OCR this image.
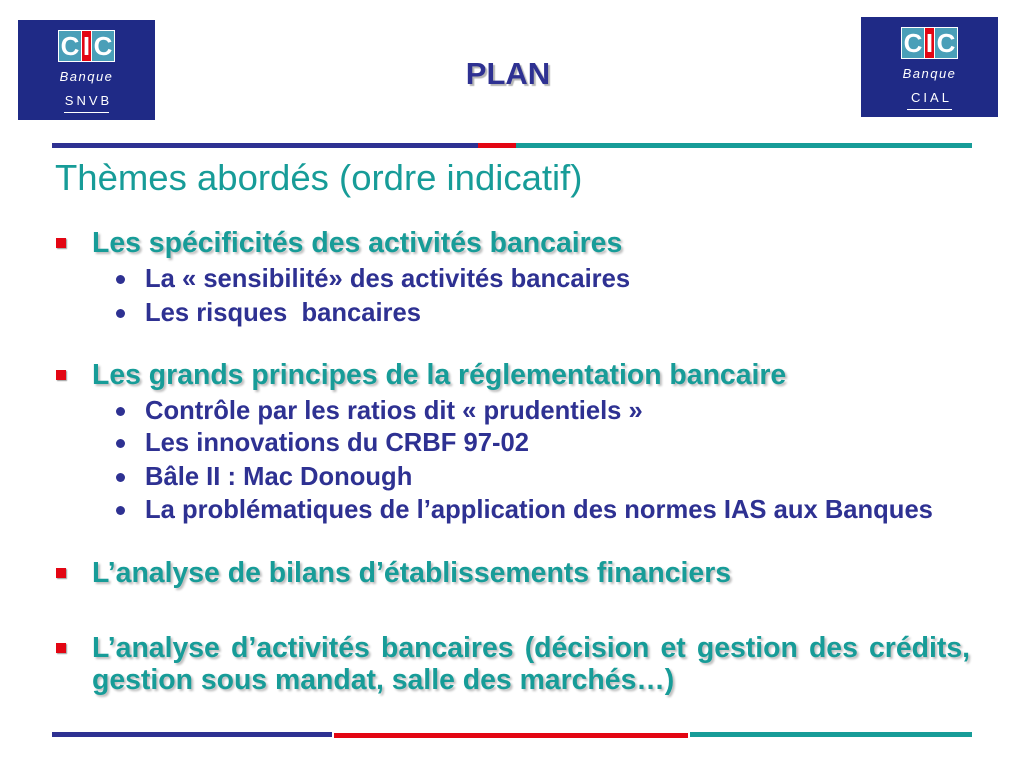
C I C
Banque
SNVB
C I C
Banque
CIAL
PLAN
Thèmes abordés (ordre indicatif)
Les spécificités des activités bancaires
La « sensibilité» des activités bancaires
Les risques  bancaires
Les grands principes de la réglementation bancaire
Contrôle par les ratios dit « prudentiels »
Les innovations du CRBF 97-02
Bâle II : Mac Donough
La problématiques de l’application des normes IAS aux Banques
L’analyse de bilans d’établissements financiers
L’analyse d’activités bancaires (décision et gestion des crédits, gestion sous mandat, salle des marchés…)
